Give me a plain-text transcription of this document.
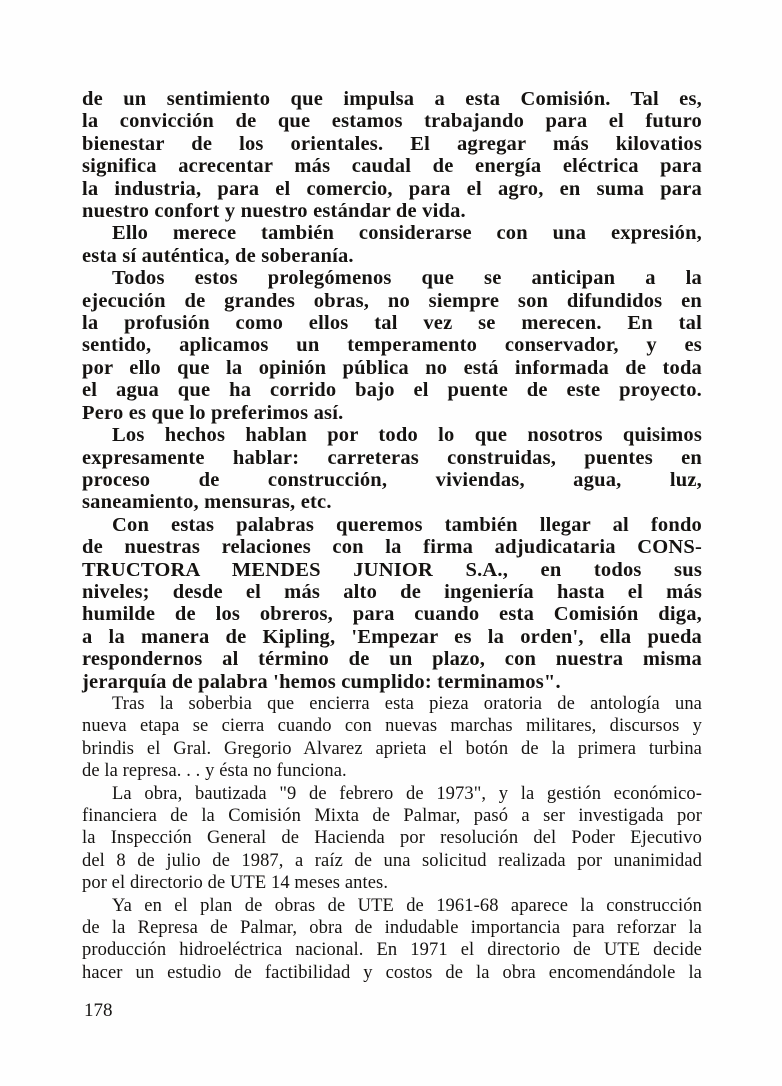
de un sentimiento que impulsa a esta Comisión. Tal es,
la convicción de que estamos trabajando para el futuro
bienestar de los orientales. El agregar más kilovatios
significa acrecentar más caudal de energía eléctrica para
la industria, para el comercio, para el agro, en suma para
nuestro confort y nuestro estándar de vida.
Ello merece también considerarse con una expresión,
esta sí auténtica, de soberanía.
Todos estos prolegómenos que se anticipan a la
ejecución de grandes obras, no siempre son difundidos en
la profusión como ellos tal vez se merecen. En tal
sentido, aplicamos un temperamento conservador, y es
por ello que la opinión pública no está informada de toda
el agua que ha corrido bajo el puente de este proyecto.
Pero es que lo preferimos así.
Los hechos hablan por todo lo que nosotros quisimos
expresamente hablar: carreteras construidas, puentes en
proceso de construcción, viviendas, agua, luz,
saneamiento, mensuras, etc.
Con estas palabras queremos también llegar al fondo
de nuestras relaciones con la firma adjudicataria CONS-
TRUCTORA MENDES JUNIOR S.A., en todos sus
niveles; desde el más alto de ingeniería hasta el más
humilde de los obreros, para cuando esta Comisión diga,
a la manera de Kipling, 'Empezar es la orden', ella pueda
respondernos al término de un plazo, con nuestra misma
jerarquía de palabra 'hemos cumplido: terminamos".
Tras la soberbia que encierra esta pieza oratoria de antología una
nueva etapa se cierra cuando con nuevas marchas militares, discursos y
brindis el Gral. Gregorio Alvarez aprieta el botón de la primera turbina
de la represa. . . y ésta no funciona.
La obra, bautizada "9 de febrero de 1973", y la gestión económico-
financiera de la Comisión Mixta de Palmar, pasó a ser investigada por
la Inspección General de Hacienda por resolución del Poder Ejecutivo
del 8 de julio de 1987, a raíz de una solicitud realizada por unanimidad
por el directorio de UTE 14 meses antes.
Ya en el plan de obras de UTE de 1961-68 aparece la construcción
de la Represa de Palmar, obra de indudable importancia para reforzar la
producción hidroeléctrica nacional. En 1971 el directorio de UTE decide
hacer un estudio de factibilidad y costos de la obra encomendándole la
178
